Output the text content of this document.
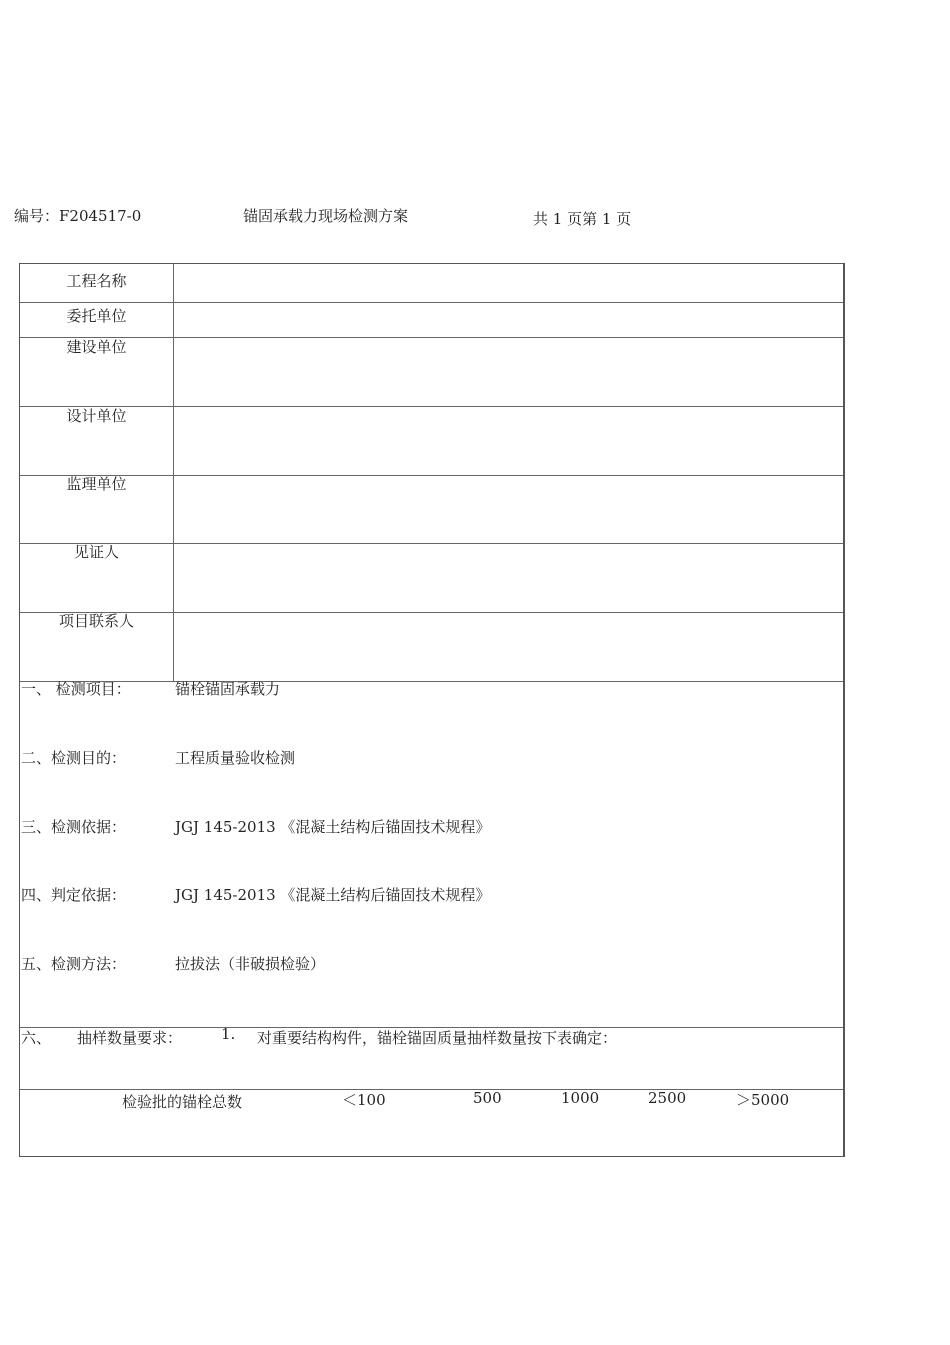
编号：F204517-0	锚固承载力现场检测方案	共 1 页第 1 页
工程名称
委托单位
建设单位
设计单位
监理单位
见证人
项目联系人
一、 检测项目：	锚栓锚固承载力
二、检测目的：	工程质量验收检测
三、检测依据：	JGJ 145-2013 《混凝土结构后锚固技术规程》
四、判定依据：	JGJ 145-2013 《混凝土结构后锚固技术规程》
五、检测方法：	拉拔法（非破损检验）
六、 抽样数量要求：	1. 对重要结构构件，锚栓锚固质量抽样数量按下表确定：
检验批的锚栓总数	＜100	500	1000	2500	＞5000
